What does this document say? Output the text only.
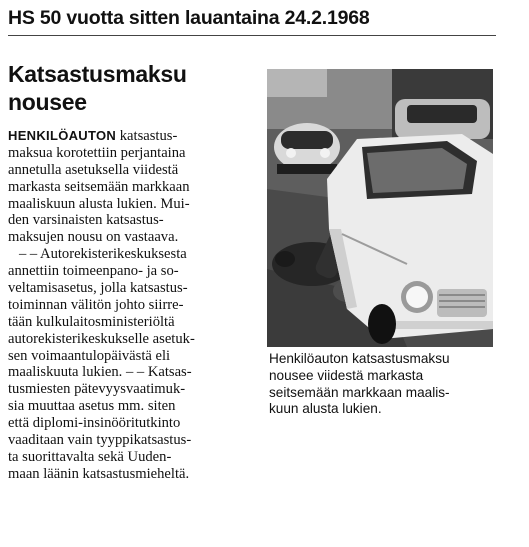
HS 50 vuotta sitten lauantaina 24.2.1968
Katsastusmaksu
nousee
HENKILÖAUTON katsastus-
maksua korotettiin perjantaina
annetulla asetuksella viidestä
markasta seitsemään markkaan
maaliskuun alusta lukien. Mui-
den varsinaisten katsastus-
maksujen nousu on vastaava.
– – Autorekisterikeskuksesta
annettiin toimeenpano- ja so-
veltamisasetus, jolla katsastus-
toiminnan välitön johto siirre-
tään kulkulaitosministeriöltä
autorekisterikeskukselle asetuk-
sen voimaantulopäivästä eli
maaliskuuta lukien. – – Katsas-
tusmiesten pätevyysvaatimuk-
sia muuttaa asetus mm. siten
että diplomi-insinööritutkinto
vaaditaan vain tyyppikatsastus-
ta suorittavalta sekä Uuden-
maan läänin katsastusmieheltä.
Henkilöauton katsastusmaksu
nousee viidestä markasta
seitsemään markkaan maalis-
kuun alusta lukien.
